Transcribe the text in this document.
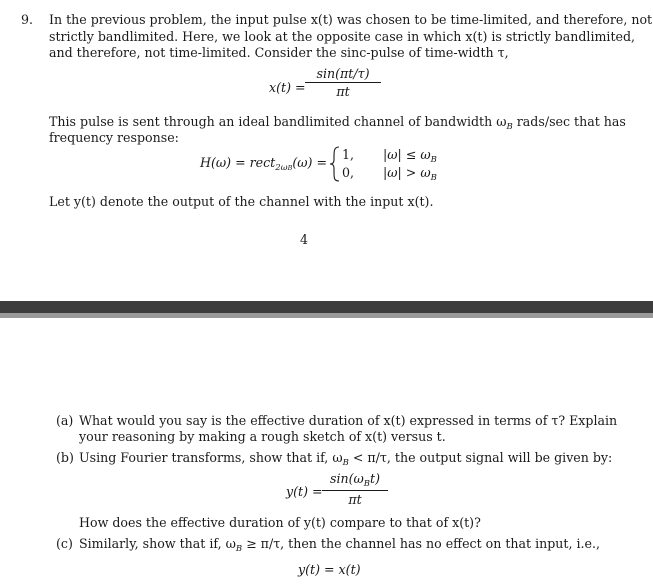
9. In the previous problem, the input pulse x(t) was chosen to be time-limited, and therefore, not
strictly bandlimited. Here, we look at the opposite case in which x(t) is strictly bandlimited,
and therefore, not time-limited. Consider the sinc-pulse of time-width τ,
x(t) =
sin(πt/τ)
πt
This pulse is sent through an ideal bandlimited channel of bandwidth $\omega_B$ rads/sec that has
frequency response:
H(ω) = rect$_{2\omega B}$(ω) =
1, $|\omega| \le \omega_B$
0, $|\omega| > \omega_B$
Let y(t) denote the output of the channel with the input x(t).
4
(a) What would you say is the effective duration of x(t) expressed in terms of τ? Explain
your reasoning by making a rough sketch of x(t) versus t.
(b) Using Fourier transforms, show that if, $\omega_B < \pi/\tau$, the output signal will be given by:
y(t) =
$\sin(\omega_Bt)$
πt
How does the effective duration of y(t) compare to that of x(t)?
(c) Similarly, show that if, $\omega_B \ge \pi/\tau$, then the channel has no effect on that input, i.e.,
y(t) = x(t)
